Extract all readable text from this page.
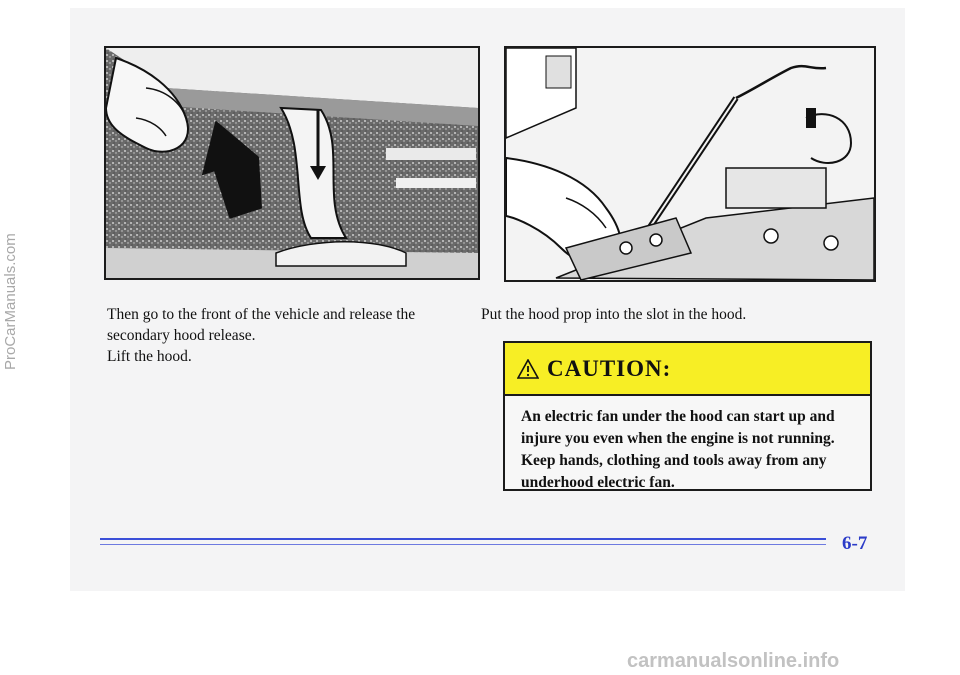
Then go to the front of the vehicle and release the secondary hood release.

Lift the hood.

Put the hood prop into the slot in the hood.

CAUTION:

An electric fan under the hood can start up and injure you even when the engine is not running. Keep hands, clothing and tools away from any underhood electric fan.

6-7
ProCarManuals.com
carmanualsonline.info
